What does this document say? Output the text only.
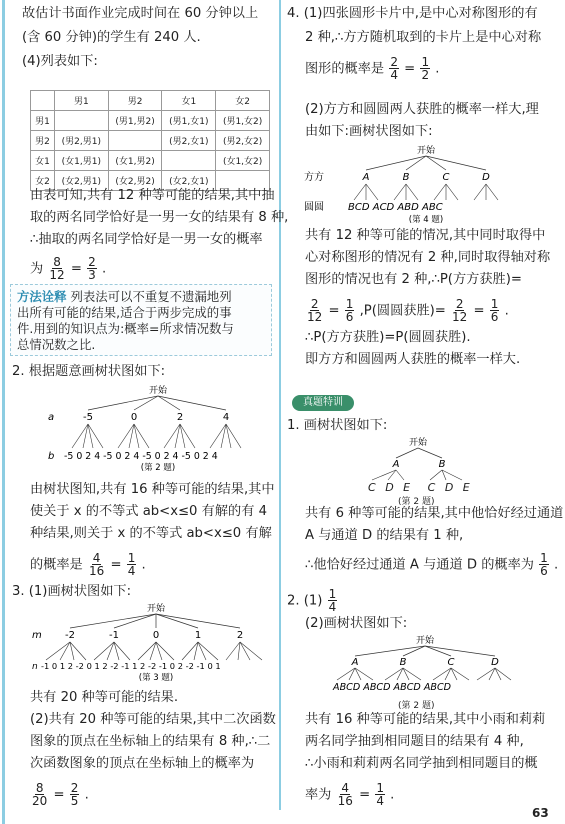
故估计书面作业完成时间在 60 分钟以上
(含 60 分钟)的学生有 240 人.
(4)列表如下:
	男1	男2	女1	女2
男1		(男1,男2)	(男1,女1)	(男1,女2)
男2	(男2,男1)		(男2,女1)	(男2,女2)
女1	(女1,男1)	(女1,男2)		(女1,女2)
女2	(女2,男1)	(女2,男2)	(女2,女1)	
由表可知,共有 12 种等可能的结果,其中抽
取的两名同学恰好是一男一女的结果有 8 种,
∴抽取的两名同学恰好是一男一女的概率
为 $\frac{8}{12} = \frac{2}{3}$ .
方法诠释 列表法可以不重复不遗漏地列
出所有可能的结果,适合于两步完成的事
件.用到的知识点为:概率=所求情况数与
总情况数之比.
2. 根据题意画树状图如下:
开始
a	-5	0	2	4
b -5 0 2 4 -5 0 2 4 -5 0 2 4 -5 0 2 4
(第 2 题)
由树状图知,共有 16 种等可能的结果,其中
使关于 x 的不等式 ab<x≤0 有解的有 4
种结果,则关于 x 的不等式 ab<x≤0 有解
的概率是 $\frac{4}{16} = \frac{1}{4}$ .
3. (1)画树状图如下:
开始
m -2	-1	0	1	2
n -1 0 1 2 -2 0 1 2 -2 -1 1 2 -2 -1 0 2 -2 -1 0 1
(第 3 题)
共有 20 种等可能的结果.
(2)共有 20 种等可能的结果,其中二次函数
图象的顶点在坐标轴上的结果有 8 种,∴二
次函数图象的顶点在坐标轴上的概率为
$\frac{8}{20} = \frac{2}{5}$ .
4. (1)四张圆形卡片中,是中心对称图形的有
2 种,∴方方随机取到的卡片上是中心对称
图形的概率是 $\frac{2}{4} = \frac{1}{2}$ .
(2)方方和圆圆两人获胜的概率一样大,理
由如下:画树状图如下:
开始
方方	A	B	C	D
圆圆 BCD ACD ABD ABC
(第 4 题)
共有 12 种等可能的情况,其中同时取得中
心对称图形的情况有 2 种,同时取得轴对称
图形的情况也有 2 种,∴P(方方获胜)=
$\frac{2}{12} = \frac{1}{6} ,P$(圆圆获胜)= $\frac{2}{12} = \frac{1}{6}$ .
∴P(方方获胜)=P(圆圆获胜).
即方方和圆圆两人获胜的概率一样大.
真题特训
1. 画树状图如下:
开始
A	B
C D E C D E
(第 2 题)
共有 6 种等可能的结果,其中他恰好经过通道
A 与通道 D 的结果有 1 种,
∴他恰好经过通道 A 与通道 D 的概率为 $\frac{1}{6}$ .
2. $(1) \frac{1}{4}$
(2)画树状图如下:
开始
A	B	C	D
ABCD ABCD ABCD ABCD
(第 2 题)
共有 16 种等可能的结果,其中小雨和莉莉
两名同学抽到相同题目的结果有 4 种,
∴小雨和莉莉两名同学抽到相同题目的概
率为 $\frac{4}{16} = \frac{1}{4}$ .
63
